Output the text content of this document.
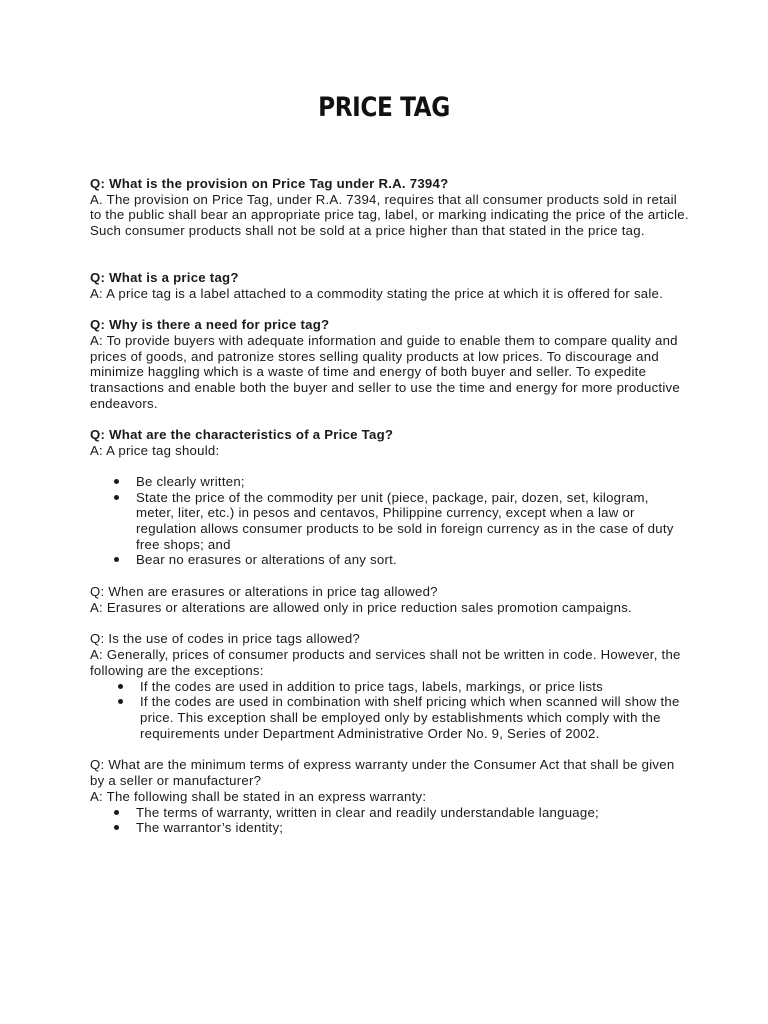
PRICE TAG

Q: What is the provision on Price Tag under R.A. 7394?

A. The provision on Price Tag, under R.A. 7394, requires that all consumer products sold in retail to the public shall bear an appropriate price tag, label, or marking indicating the price of the article. Such consumer products shall not be sold at a price higher than that stated in the price tag.

Q: What is a price tag?

A: A price tag is a label attached to a commodity stating the price at which it is offered for sale.

Q: Why is there a need for price tag?

A: To provide buyers with adequate information and guide to enable them to compare quality and prices of goods, and patronize stores selling quality products at low prices. To discourage and minimize haggling which is a waste of time and energy of both buyer and seller. To expedite transactions and enable both the buyer and seller to use the time and energy for more productive endeavors.

Q: What are the characteristics of a Price Tag?

A: A price tag should:

Be clearly written;
State the price of the commodity per unit (piece, package, pair, dozen, set, kilogram, meter, liter, etc.) in pesos and centavos, Philippine currency, except when a law or regulation allows consumer products to be sold in foreign currency as in the case of duty free shops; and
Bear no erasures or alterations of any sort.

Q: When are erasures or alterations in price tag allowed?

A: Erasures or alterations are allowed only in price reduction sales promotion campaigns.

Q: Is the use of codes in price tags allowed?

A: Generally, prices of consumer products and services shall not be written in code. However, the following are the exceptions:

If the codes are used in addition to price tags, labels, markings, or price lists
If the codes are used in combination with shelf pricing which when scanned will show the price. This exception shall be employed only by establishments which comply with the requirements under Department Administrative Order No. 9, Series of 2002.

Q: What are the minimum terms of express warranty under the Consumer Act that shall be given by a seller or manufacturer?

A: The following shall be stated in an express warranty:

The terms of warranty, written in clear and readily understandable language;
The warrantor’s identity;
